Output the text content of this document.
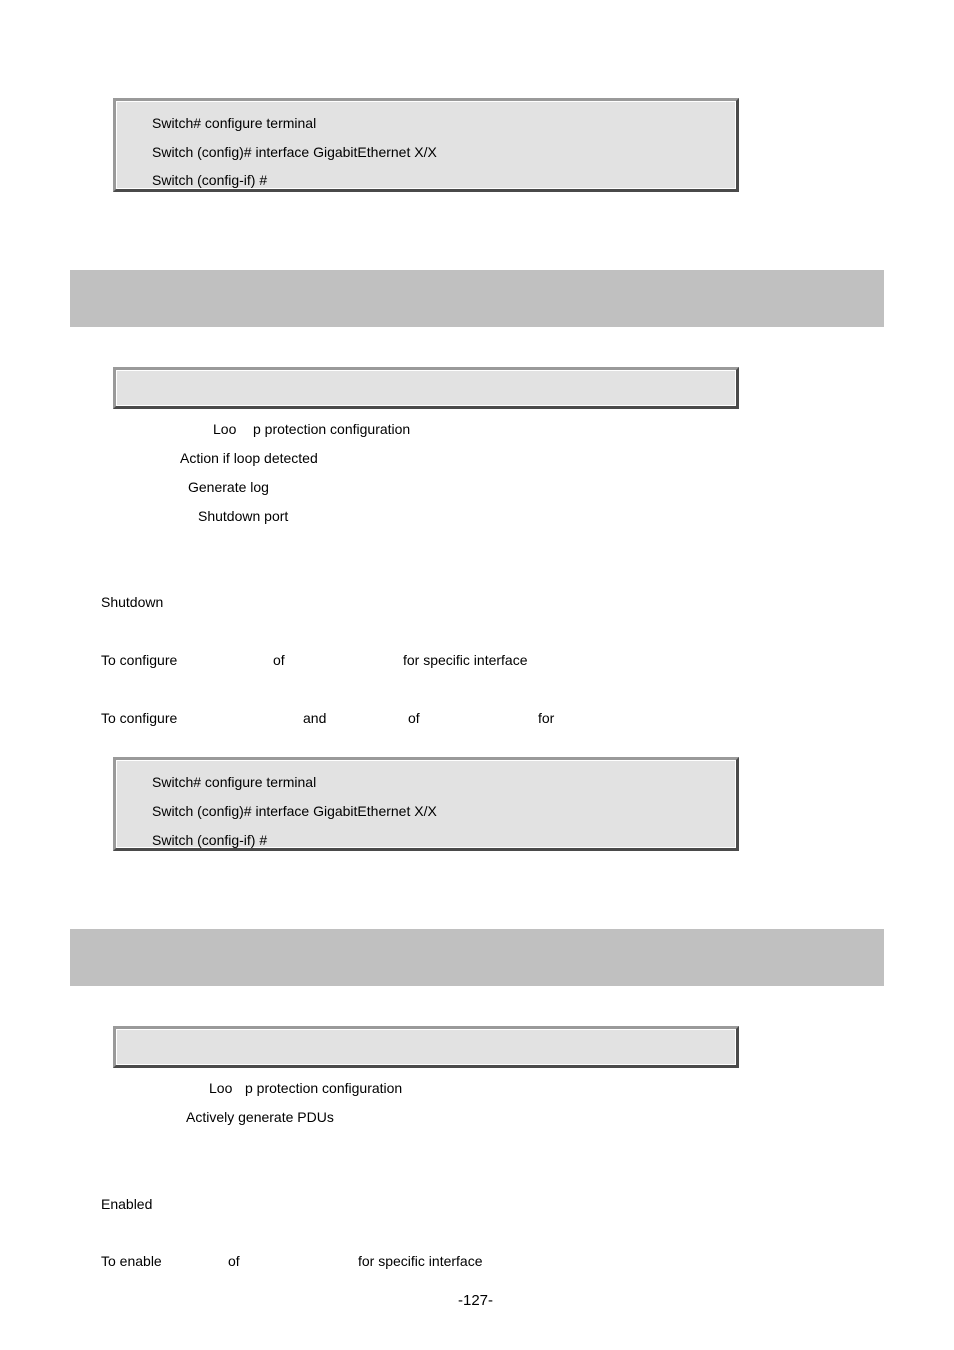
Switch# configure terminal
Switch (config)# interface GigabitEthernet X/X
Switch (config-if) #
Loo p protection configuration
Action if loop detected
Generate log
Shutdown port
Shutdown
To configure	of	for specific interface
To configure	and	of	for
Switch# configure terminal
Switch (config)# interface GigabitEthernet X/X
Switch (config-if) #
Loo p protection configuration
Actively generate PDUs
Enabled
To enable	of	for specific interface
-127-
